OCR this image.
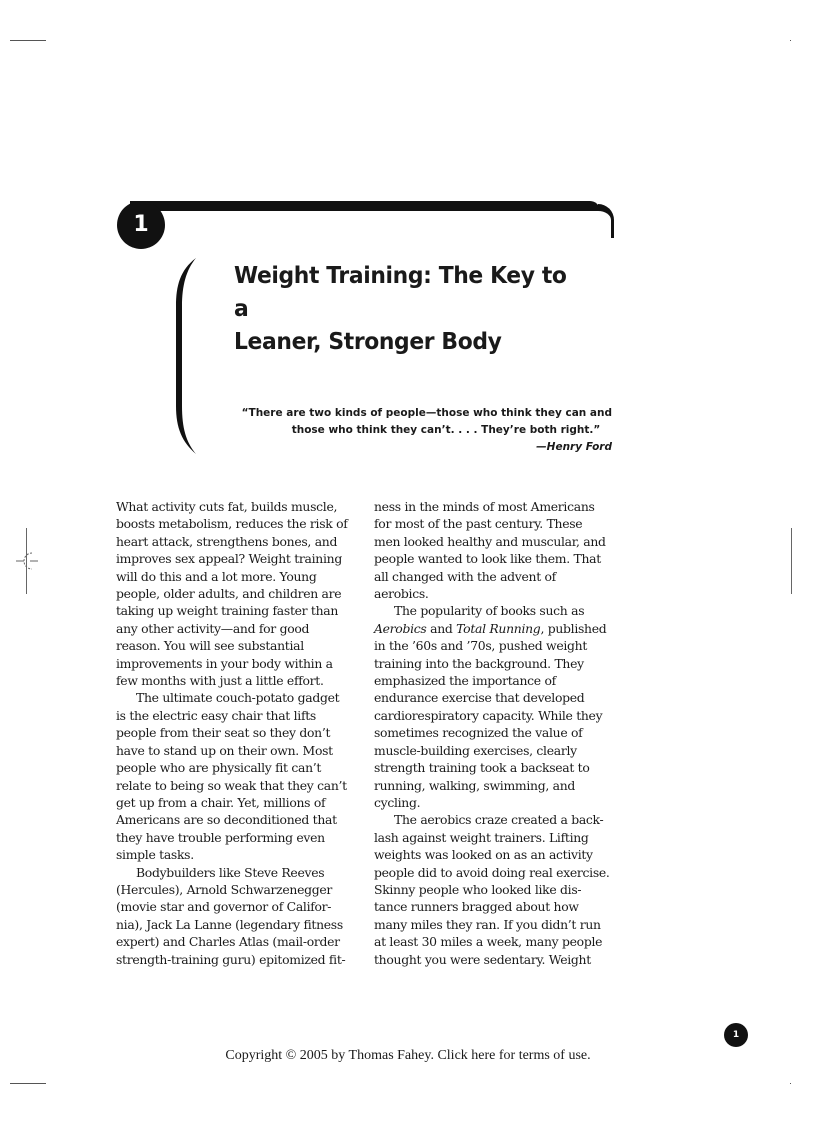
1
Weight Training: The Key to a
Leaner, Stronger Body
“There are two kinds of people—those who think they can and
those who think they can’t. . . . They’re both right.”
—Henry Ford
What activity cuts fat, builds muscle,
boosts metabolism, reduces the risk of
heart attack, strengthens bones, and
improves sex appeal? Weight training
will do this and a lot more. Young
people, older adults, and children are
taking up weight training faster than
any other activity—and for good
reason. You will see substantial
improvements in your body within a
few months with just a little effort.
The ultimate couch-potato gadget
is the electric easy chair that lifts
people from their seat so they don’t
have to stand up on their own. Most
people who are physically fit can’t
relate to being so weak that they can’t
get up from a chair. Yet, millions of
Americans are so deconditioned that
they have trouble performing even
simple tasks.
Bodybuilders like Steve Reeves
(Hercules), Arnold Schwarzenegger
(movie star and governor of Califor-
nia), Jack La Lanne (legendary fitness
expert) and Charles Atlas (mail-order
strength-training guru) epitomized fit-
ness in the minds of most Americans
for most of the past century. These
men looked healthy and muscular, and
people wanted to look like them. That
all changed with the advent of
aerobics.
The popularity of books such as
Aerobics and Total Running, published
in the ’60s and ’70s, pushed weight
training into the background. They
emphasized the importance of
endurance exercise that developed
cardiorespiratory capacity. While they
sometimes recognized the value of
muscle-building exercises, clearly
strength training took a backseat to
running, walking, swimming, and
cycling.
The aerobics craze created a back-
lash against weight trainers. Lifting
weights was looked on as an activity
people did to avoid doing real exercise.
Skinny people who looked like dis-
tance runners bragged about how
many miles they ran. If you didn’t run
at least 30 miles a week, many people
thought you were sedentary. Weight
1
Copyright © 2005 by Thomas Fahey. Click here for terms of use.
